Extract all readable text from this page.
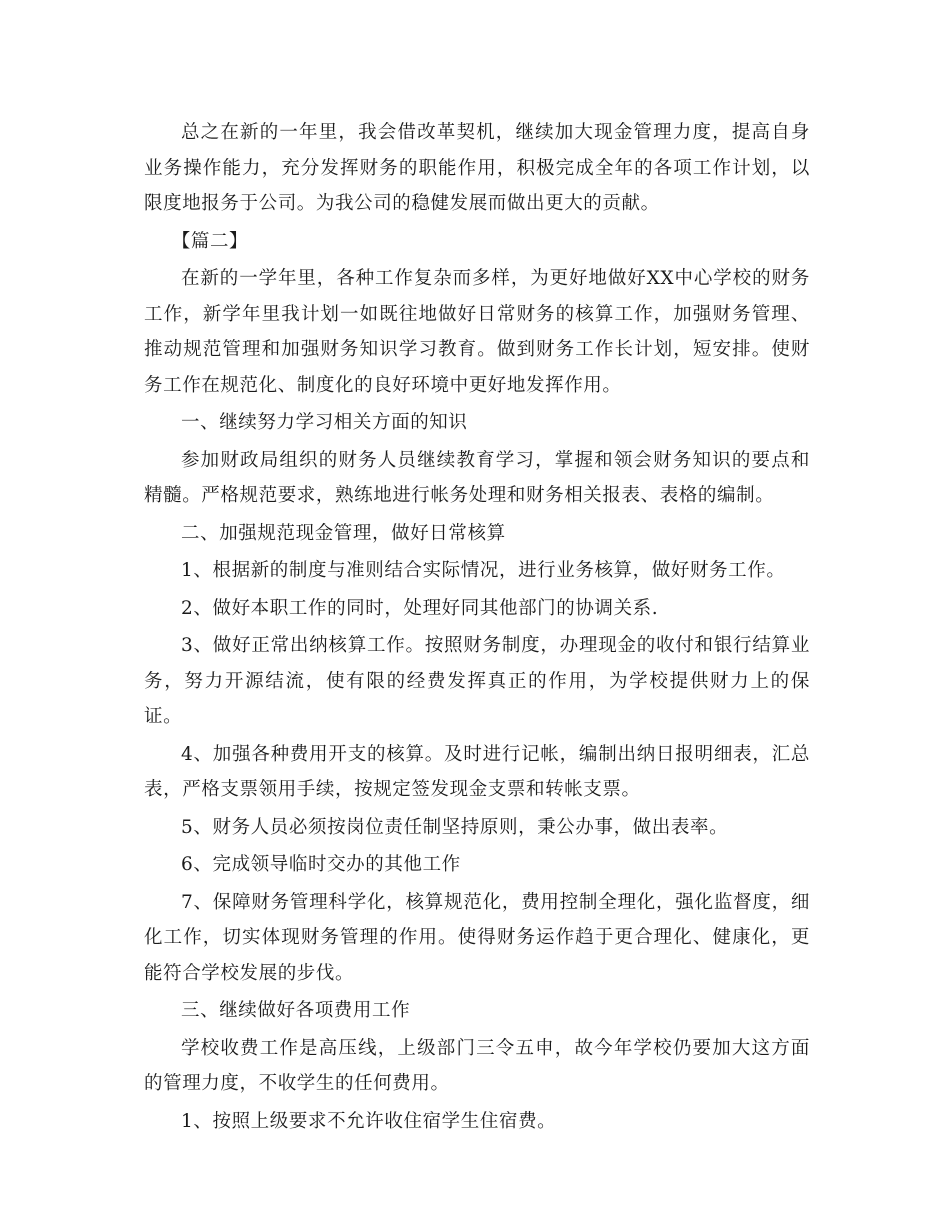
总之在新的一年里，我会借改革契机，继续加大现金管理力度，提高自身业务操作能力，充分发挥财务的职能作用，积极完成全年的各项工作计划，以限度地报务于公司。为我公司的稳健发展而做出更大的贡献。

【篇二】

在新的一学年里，各种工作复杂而多样，为更好地做好XX中心学校的财务工作，新学年里我计划一如既往地做好日常财务的核算工作，加强财务管理、推动规范管理和加强财务知识学习教育。做到财务工作长计划，短安排。使财务工作在规范化、制度化的良好环境中更好地发挥作用。

一、继续努力学习相关方面的知识

参加财政局组织的财务人员继续教育学习，掌握和领会财务知识的要点和精髓。严格规范要求，熟练地进行帐务处理和财务相关报表、表格的编制。

二、加强规范现金管理，做好日常核算

1、根据新的制度与准则结合实际情况，进行业务核算，做好财务工作。

2、做好本职工作的同时，处理好同其他部门的协调关系.

3、做好正常出纳核算工作。按照财务制度，办理现金的收付和银行结算业务，努力开源结流，使有限的经费发挥真正的作用，为学校提供财力上的保证。

4、加强各种费用开支的核算。及时进行记帐，编制出纳日报明细表，汇总表，严格支票领用手续，按规定签发现金支票和转帐支票。

5、财务人员必须按岗位责任制坚持原则，秉公办事，做出表率。

6、完成领导临时交办的其他工作

7、保障财务管理科学化，核算规范化，费用控制全理化，强化监督度，细化工作，切实体现财务管理的作用。使得财务运作趋于更合理化、健康化，更能符合学校发展的步伐。

三、继续做好各项费用工作

学校收费工作是高压线，上级部门三令五申，故今年学校仍要加大这方面的管理力度，不收学生的任何费用。

1、按照上级要求不允许收住宿学生住宿费。
